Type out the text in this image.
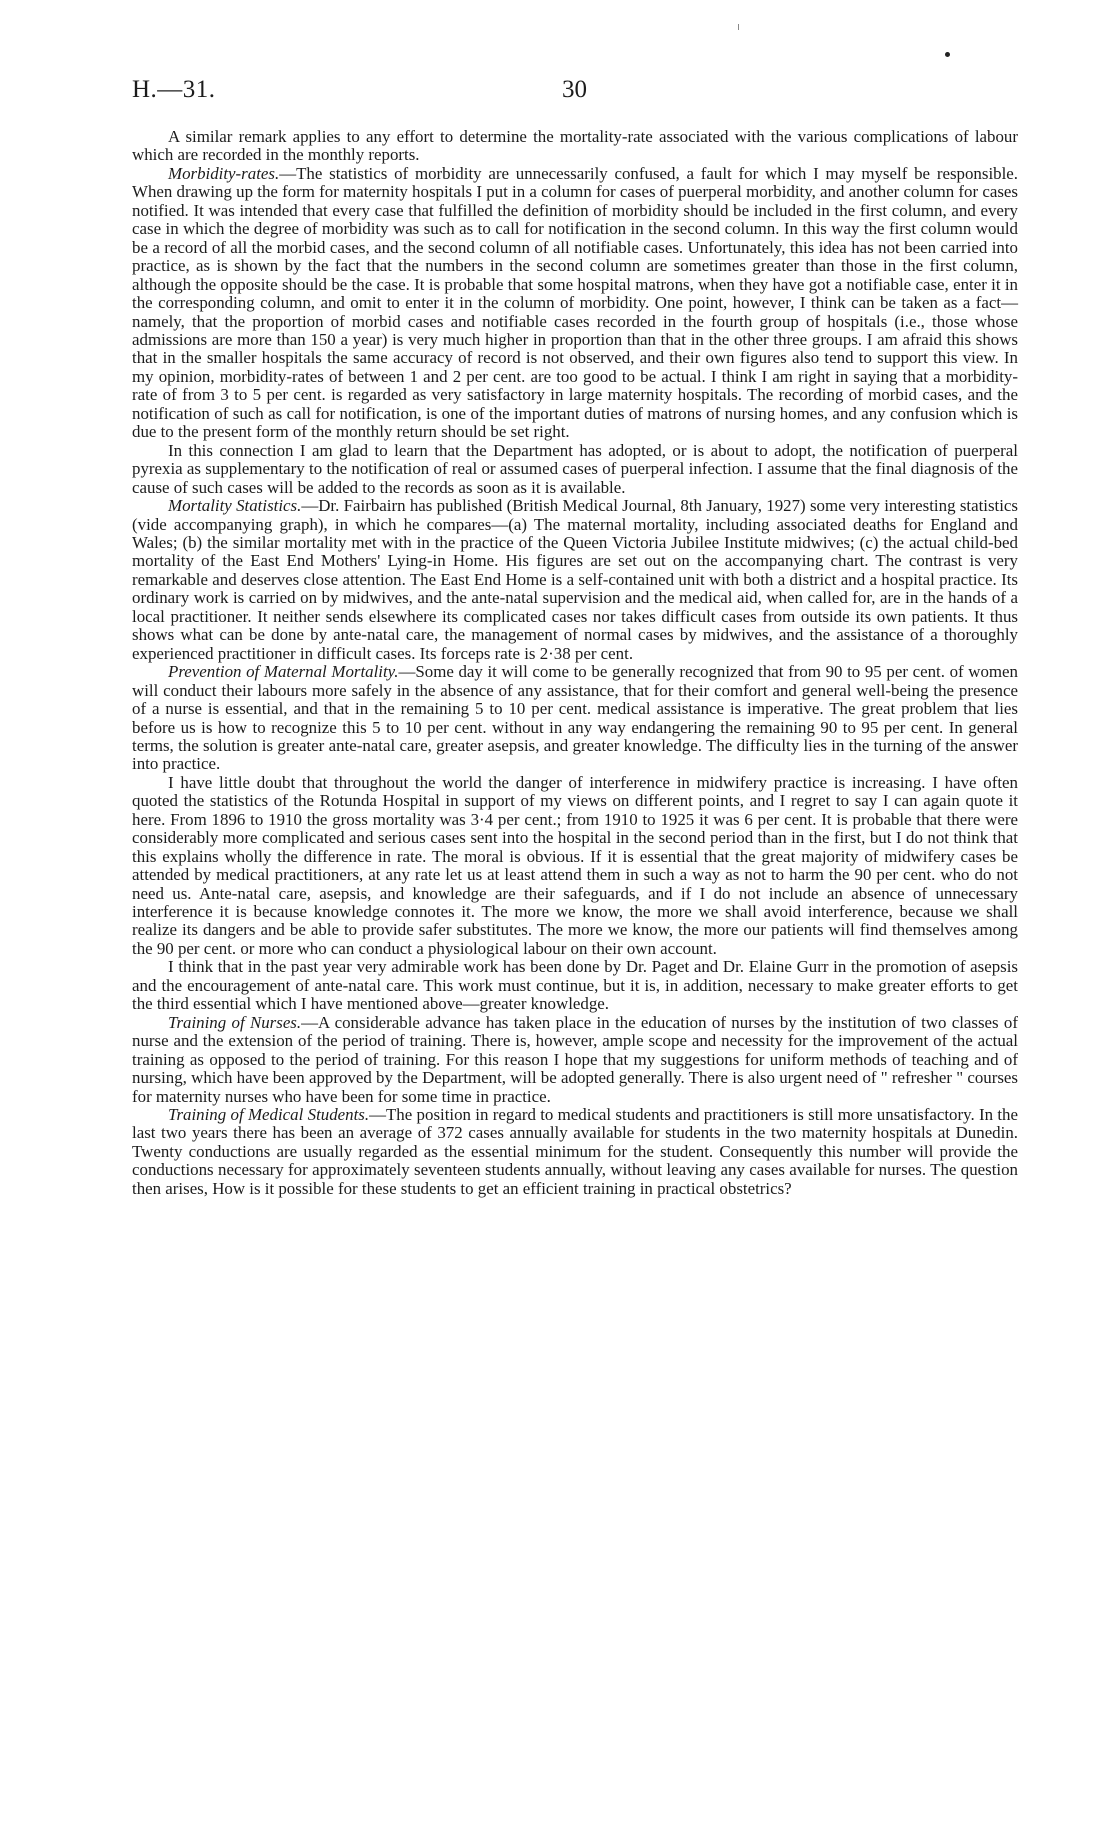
H.—31.	30

A similar remark applies to any effort to determine the mortality-rate associated with the various complications of labour which are recorded in the monthly reports.

Morbidity-rates.—The statistics of morbidity are unnecessarily confused, a fault for which I may myself be responsible. When drawing up the form for maternity hospitals I put in a column for cases of puerperal morbidity, and another column for cases notified. It was intended that every case that fulfilled the definition of morbidity should be included in the first column, and every case in which the degree of morbidity was such as to call for notification in the second column. In this way the first column would be a record of all the morbid cases, and the second column of all notifiable cases. Unfortunately, this idea has not been carried into practice, as is shown by the fact that the numbers in the second column are sometimes greater than those in the first column, although the opposite should be the case. It is probable that some hospital matrons, when they have got a notifiable case, enter it in the corresponding column, and omit to enter it in the column of morbidity. One point, however, I think can be taken as a fact—namely, that the proportion of morbid cases and notifiable cases recorded in the fourth group of hospitals (i.e., those whose admissions are more than 150 a year) is very much higher in proportion than that in the other three groups. I am afraid this shows that in the smaller hospitals the same accuracy of record is not observed, and their own figures also tend to support this view. In my opinion, morbidity-rates of between 1 and 2 per cent. are too good to be actual. I think I am right in saying that a morbidity-rate of from 3 to 5 per cent. is regarded as very satisfactory in large maternity hospitals. The recording of morbid cases, and the notification of such as call for notification, is one of the important duties of matrons of nursing homes, and any confusion which is due to the present form of the monthly return should be set right.

In this connection I am glad to learn that the Department has adopted, or is about to adopt, the notification of puerperal pyrexia as supplementary to the notification of real or assumed cases of puerperal infection. I assume that the final diagnosis of the cause of such cases will be added to the records as soon as it is available.

Mortality Statistics.—Dr. Fairbairn has published (British Medical Journal, 8th January, 1927) some very interesting statistics (vide accompanying graph), in which he compares—(a) The maternal mortality, including associated deaths for England and Wales; (b) the similar mortality met with in the practice of the Queen Victoria Jubilee Institute midwives; (c) the actual child-bed mortality of the East End Mothers' Lying-in Home. His figures are set out on the accompanying chart. The contrast is very remarkable and deserves close attention. The East End Home is a self-contained unit with both a district and a hospital practice. Its ordinary work is carried on by midwives, and the ante-natal supervision and the medical aid, when called for, are in the hands of a local practitioner. It neither sends elsewhere its complicated cases nor takes difficult cases from outside its own patients. It thus shows what can be done by ante-natal care, the management of normal cases by midwives, and the assistance of a thoroughly experienced practitioner in difficult cases. Its forceps rate is 2·38 per cent.

Prevention of Maternal Mortality.—Some day it will come to be generally recognized that from 90 to 95 per cent. of women will conduct their labours more safely in the absence of any assistance, that for their comfort and general well-being the presence of a nurse is essential, and that in the remaining 5 to 10 per cent. medical assistance is imperative. The great problem that lies before us is how to recognize this 5 to 10 per cent. without in any way endangering the remaining 90 to 95 per cent. In general terms, the solution is greater ante-natal care, greater asepsis, and greater knowledge. The difficulty lies in the turning of the answer into practice.

I have little doubt that throughout the world the danger of interference in midwifery practice is increasing. I have often quoted the statistics of the Rotunda Hospital in support of my views on different points, and I regret to say I can again quote it here. From 1896 to 1910 the gross mortality was 3·4 per cent.; from 1910 to 1925 it was 6 per cent. It is probable that there were considerably more complicated and serious cases sent into the hospital in the second period than in the first, but I do not think that this explains wholly the difference in rate. The moral is obvious. If it is essential that the great majority of midwifery cases be attended by medical practitioners, at any rate let us at least attend them in such a way as not to harm the 90 per cent. who do not need us. Ante-natal care, asepsis, and knowledge are their safeguards, and if I do not include an absence of unnecessary interference it is because knowledge connotes it. The more we know, the more we shall avoid interference, because we shall realize its dangers and be able to provide safer substitutes. The more we know, the more our patients will find themselves among the 90 per cent. or more who can conduct a physiological labour on their own account.

I think that in the past year very admirable work has been done by Dr. Paget and Dr. Elaine Gurr in the promotion of asepsis and the encouragement of ante-natal care. This work must continue, but it is, in addition, necessary to make greater efforts to get the third essential which I have mentioned above—greater knowledge.

Training of Nurses.—A considerable advance has taken place in the education of nurses by the institution of two classes of nurse and the extension of the period of training. There is, however, ample scope and necessity for the improvement of the actual training as opposed to the period of training. For this reason I hope that my suggestions for uniform methods of teaching and of nursing, which have been approved by the Department, will be adopted generally. There is also urgent need of " refresher " courses for maternity nurses who have been for some time in practice.

Training of Medical Students.—The position in regard to medical students and practitioners is still more unsatisfactory. In the last two years there has been an average of 372 cases annually available for students in the two maternity hospitals at Dunedin. Twenty conductions are usually regarded as the essential minimum for the student. Consequently this number will provide the conductions necessary for approximately seventeen students annually, without leaving any cases available for nurses. The question then arises, How is it possible for these students to get an efficient training in practical obstetrics?
